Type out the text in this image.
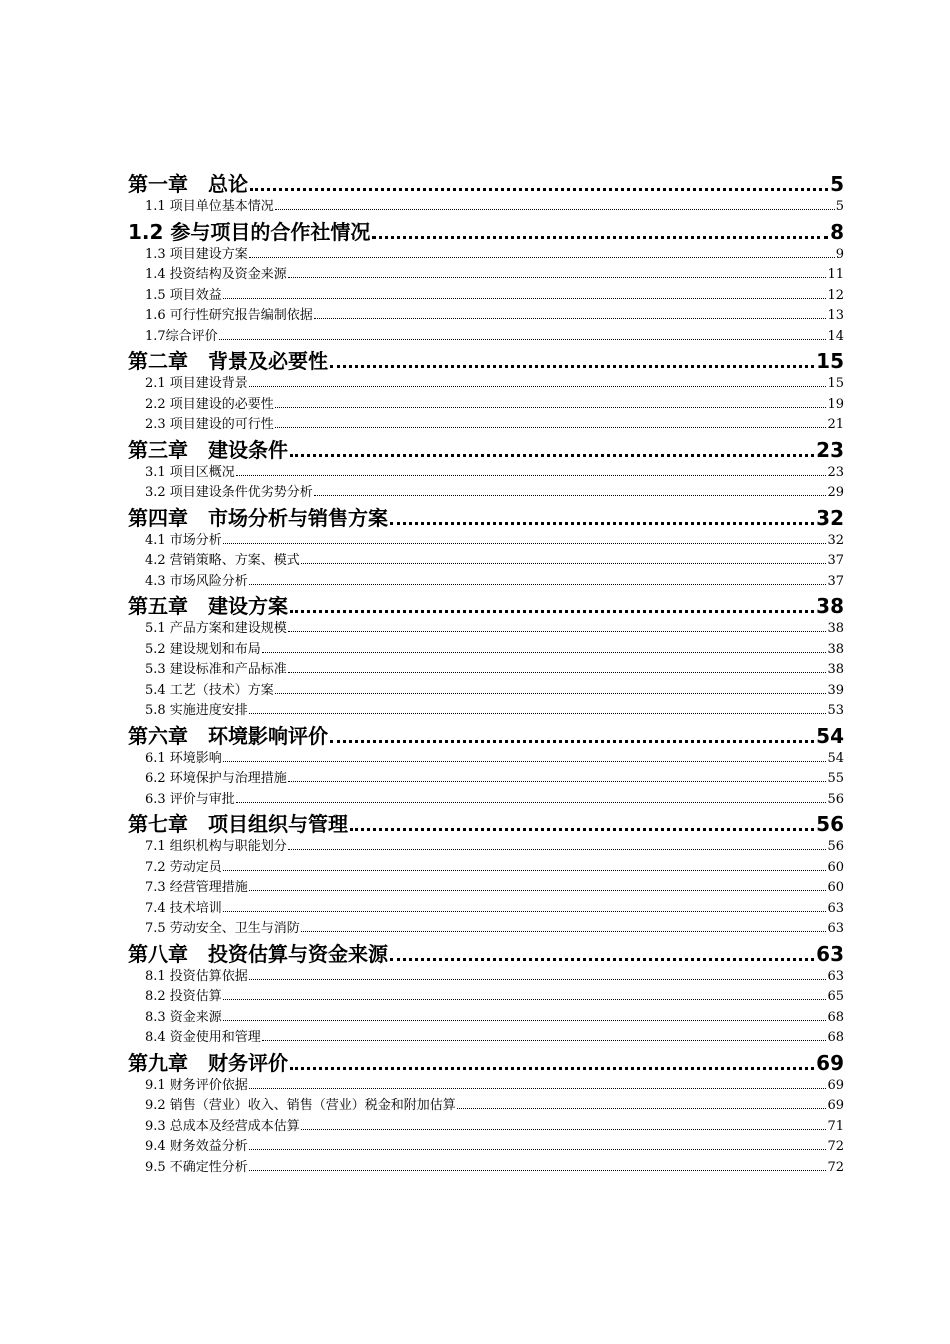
第一章　总论	5
1.1 项目单位基本情况	5
1.2 参与项目的合作社情况	8
1.3 项目建设方案	9
1.4 投资结构及资金来源	11
1.5 项目效益	12
1.6 可行性研究报告编制依据	13
1.7综合评价	14
第二章　背景及必要性	15
2.1 项目建设背景	15
2.2 项目建设的必要性	19
2.3 项目建设的可行性	21
第三章　建设条件	23
3.1 项目区概况	23
3.2 项目建设条件优劣势分析	29
第四章　市场分析与销售方案	32
4.1 市场分析	32
4.2 营销策略、方案、模式	37
4.3 市场风险分析	37
第五章　建设方案	38
5.1 产品方案和建设规模	38
5.2 建设规划和布局	38
5.3 建设标准和产品标准	38
5.4 工艺（技术）方案	39
5.8 实施进度安排	53
第六章　环境影响评价	54
6.1 环境影响	54
6.2 环境保护与治理措施	55
6.3 评价与审批	56
第七章　项目组织与管理	56
7.1 组织机构与职能划分	56
7.2 劳动定员	60
7.3 经营管理措施	60
7.4 技术培训	63
7.5 劳动安全、卫生与消防	63
第八章　投资估算与资金来源	63
8.1 投资估算依据	63
8.2 投资估算	65
8.3 资金来源	68
8.4 资金使用和管理	68
第九章　财务评价	69
9.1 财务评价依据	69
9.2 销售（营业）收入、销售（营业）税金和附加估算	69
9.3 总成本及经营成本估算	71
9.4 财务效益分析	72
9.5 不确定性分析	72
